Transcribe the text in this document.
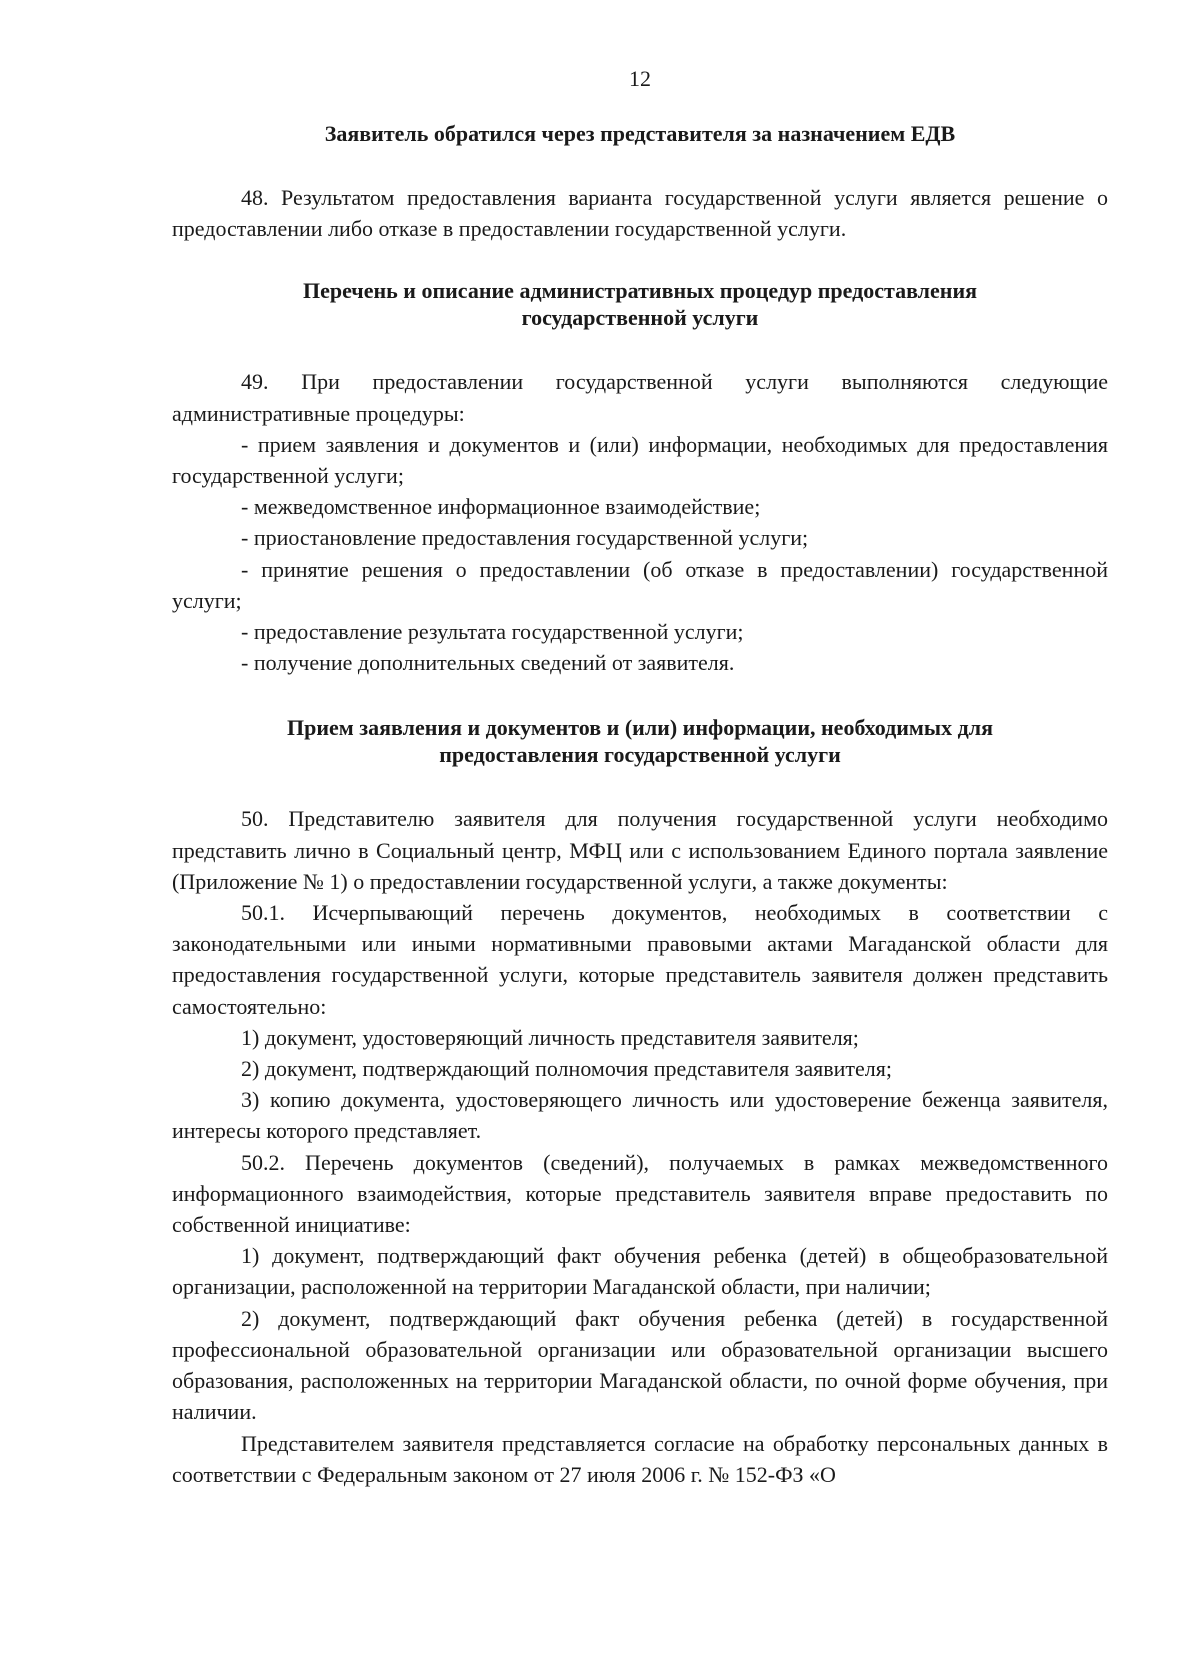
12
Заявитель обратился через представителя за назначением ЕДВ

48. Результатом предоставления варианта государственной услуги является решение о предоставлении либо отказе в предоставлении государственной услуги.

Перечень и описание административных процедур предоставления
государственной услуги

49. При предоставлении государственной услуги выполняются следующие административные процедуры:

- прием заявления и документов и (или) информации, необходимых для предоставления государственной услуги;

- межведомственное информационное взаимодействие;

- приостановление предоставления государственной услуги;

- принятие решения о предоставлении (об отказе в предоставлении) государственной услуги;

- предоставление результата государственной услуги;

- получение дополнительных сведений от заявителя.

Прием заявления и документов и (или) информации, необходимых для
предоставления государственной услуги

50. Представителю заявителя для получения государственной услуги необходимо представить лично в Социальный центр, МФЦ или с использованием Единого портала заявление (Приложение № 1) о предоставлении государственной услуги, а также документы:

50.1. Исчерпывающий перечень документов, необходимых в соответствии с законодательными или иными нормативными правовыми актами Магаданской области для предоставления государственной услуги, которые представитель заявителя должен представить самостоятельно:

1) документ, удостоверяющий личность представителя заявителя;

2) документ, подтверждающий полномочия представителя заявителя;

3) копию документа, удостоверяющего личность или удостоверение беженца заявителя, интересы которого представляет.

50.2. Перечень документов (сведений), получаемых в рамках межведомственного информационного взаимодействия, которые представитель заявителя вправе предоставить по собственной инициативе:

1) документ, подтверждающий факт обучения ребенка (детей) в общеобразовательной организации, расположенной на территории Магаданской области, при наличии;

2) документ, подтверждающий факт обучения ребенка (детей) в государственной профессиональной образовательной организации или образовательной организации высшего образования, расположенных на территории Магаданской области, по очной форме обучения, при наличии.

Представителем заявителя представляется согласие на обработку персональных данных в соответствии с Федеральным законом от 27 июля 2006 г. № 152-ФЗ «О
